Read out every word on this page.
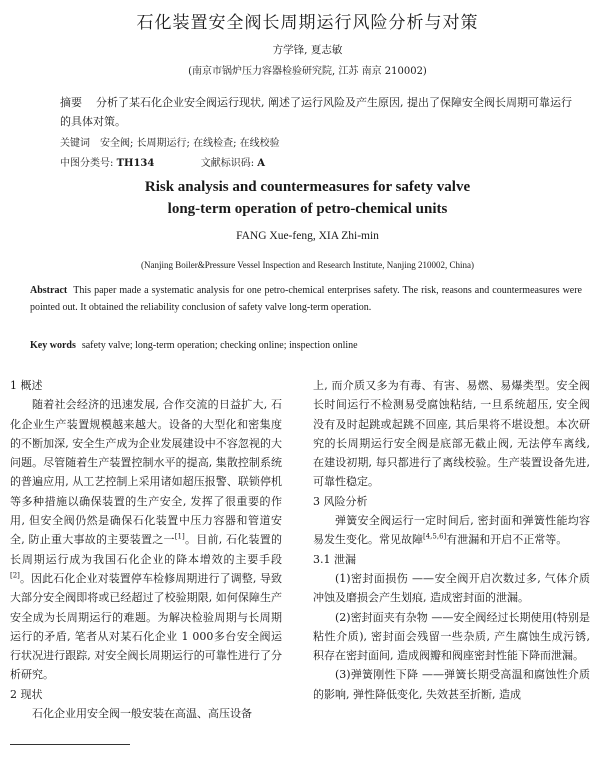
石化装置安全阀长周期运行风险分析与对策
方学锋, 夏志敏
(南京市锅炉压力容器检验研究院, 江苏 南京 210002)
摘要 分析了某石化企业安全阀运行现状, 阐述了运行风险及产生原因, 提出了保障安全阀长周期可靠运行的具体对策。
关键词 安全阀; 长周期运行; 在线检查; 在线校验
中图分类号: TH134	文献标识码: A
Risk analysis and countermeasures for safety valve
long-term operation of petro-chemical units
FANG Xue-feng, XIA Zhi-min
(Nanjing Boiler&Pressure Vessel Inspection and Research Institute, Nanjing 210002, China)
Abstract This paper made a systematic analysis for one petro-chemical enterprises safety. The risk, reasons and countermeasures were pointed out. It obtained the reliability conclusion of safety valve long-term operation.
Key words safety valve; long-term operation; checking online; inspection online

1 概述

随着社会经济的迅速发展, 合作交流的日益扩大, 石化企业生产装置规模越来越大。设备的大型化和密集度的不断加深, 安全生产成为企业发展建设中不容忽视的大问题。尽管随着生产装置控制水平的提高, 集散控制系统的普遍应用, 从工艺控制上采用诸如超压报警、联锁停机等多种措施以确保装置的生产安全, 发挥了很重要的作用, 但安全阀仍然是确保石化装置中压力容器和管道安全, 防止重大事故的主要装置之一[1]。目前, 石化装置的长周期运行成为我国石化企业的降本增效的主要手段[2]。因此石化企业对装置停车检修周期进行了调整, 导致大部分安全阀即将或已经超过了校验期限, 如何保障生产安全成为长周期运行的难题。为解决检验周期与长周期运行的矛盾, 笔者从对某石化企业 1 000多台安全阀运行状况进行跟踪, 对安全阀长周期运行的可靠性进行了分析研究。

2 现状

石化企业用安全阀一般安装在高温、高压设备

上, 而介质又多为有毒、有害、易燃、易爆类型。安全阀长时间运行不检测易受腐蚀粘结, 一旦系统超压, 安全阀没有及时起跳或起跳不回座, 其后果将不堪设想。本次研究的长周期运行安全阀是底部无截止阀, 无法停车离线, 在建设初期, 每只都进行了离线校验。生产装置设备先进, 可靠性稳定。

3 风险分析

弹簧安全阀运行一定时间后, 密封面和弹簧性能均容易发生变化。常见故障[4,5,6]有泄漏和开启不正常等。

3.1 泄漏

(1)密封面损伤 ——安全阀开启次数过多, 气体介质冲蚀及磨损会产生划痕, 造成密封面的泄漏。

(2)密封面夹有杂物 ——安全阀经过长期使用(特别是粘性介质), 密封面会残留一些杂质, 产生腐蚀生成污锈, 积存在密封面间, 造成阀瓣和阀座密封性能下降而泄漏。

(3)弹簧刚性下降 ——弹簧长期受高温和腐蚀性介质的影响, 弹性降低变化, 失效甚至折断, 造成
